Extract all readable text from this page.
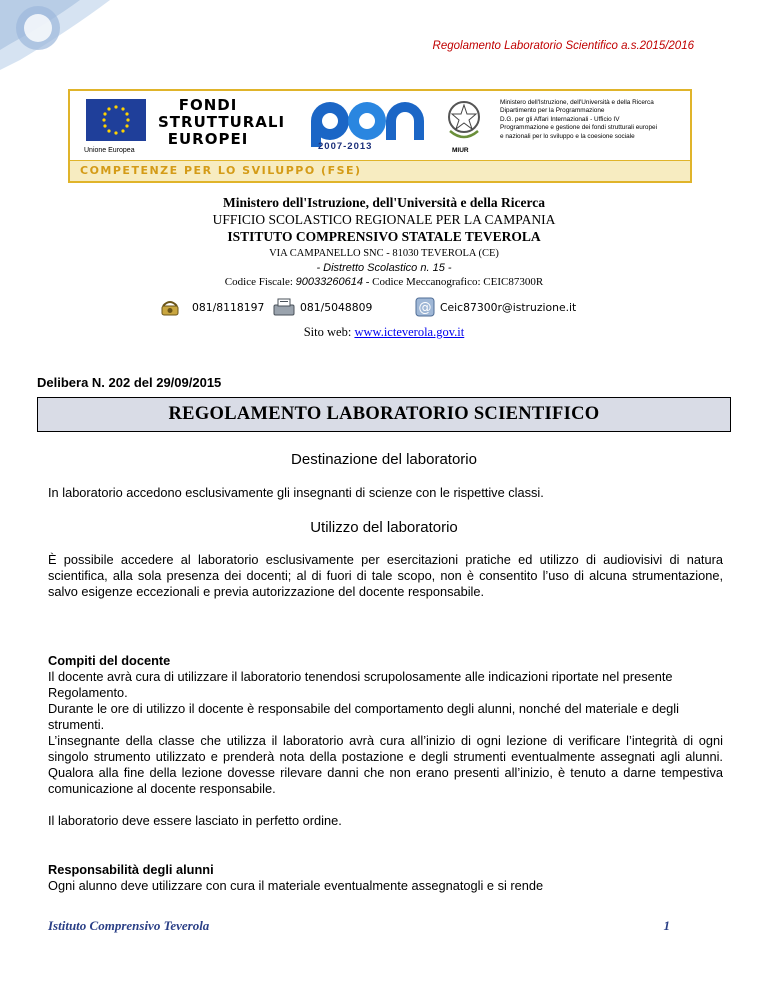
Regolamento Laboratorio Scientifico a.s.2015/2016
Unione Europea
FONDI
STRUTTURALI
EUROPEI	2007-2013	MIUR
Ministero dell'Istruzione, dell'Università e della Ricerca
Dipartimento per la Programmazione
D.G. per gli Affari Internazionali - Ufficio IV
Programmazione e gestione dei fondi strutturali europei
e nazionali per lo sviluppo e la coesione sociale
COMPETENZE PER LO SVILUPPO (FSE)
Ministero dell'Istruzione, dell'Università e della Ricerca
UFFICIO SCOLASTICO REGIONALE PER LA CAMPANIA
ISTITUTO COMPRENSIVO STATALE TEVEROLA
VIA CAMPANELLO SNC - 81030 TEVEROLA (CE)
- Distretto Scolastico n. 15 -
Codice Fiscale: 90033260614 - Codice Meccanografico: CEIC87300R
081/8118197	081/5048809	@ Ceic87300r@istruzione.it
Sito web: www.icteverola.gov.it
Delibera N. 202 del 29/09/2015
REGOLAMENTO LABORATORIO SCIENTIFICO
Destinazione del laboratorio
In laboratorio accedono esclusivamente gli insegnanti di scienze con le rispettive classi.
Utilizzo del laboratorio
È possibile accedere al laboratorio esclusivamente per esercitazioni pratiche ed utilizzo di audiovisivi di natura scientifica, alla sola presenza dei docenti; al di fuori di tale scopo, non è consentito l’uso di alcuna strumentazione, salvo esigenze eccezionali e previa autorizzazione del docente responsabile.
Compiti del docente
Il docente avrà cura di utilizzare il laboratorio tenendosi scrupolosamente alle indicazioni riportate nel presente Regolamento.
Durante le ore di utilizzo il docente è responsabile del comportamento degli alunni, nonché del materiale e degli strumenti.
L’insegnante della classe che utilizza il laboratorio avrà cura all’inizio di ogni lezione di verificare l’integrità di ogni singolo strumento utilizzato e prenderà nota della postazione e degli strumenti eventualmente assegnati agli alunni. Qualora alla fine della lezione dovesse rilevare danni che non erano presenti all’inizio, è tenuto a darne tempestiva comunicazione al docente responsabile.
Il laboratorio deve essere lasciato in perfetto ordine.
Responsabilità degli alunni
Ogni alunno deve utilizzare con cura il materiale eventualmente assegnatogli e si rende
Istituto Comprensivo Teverola	1
